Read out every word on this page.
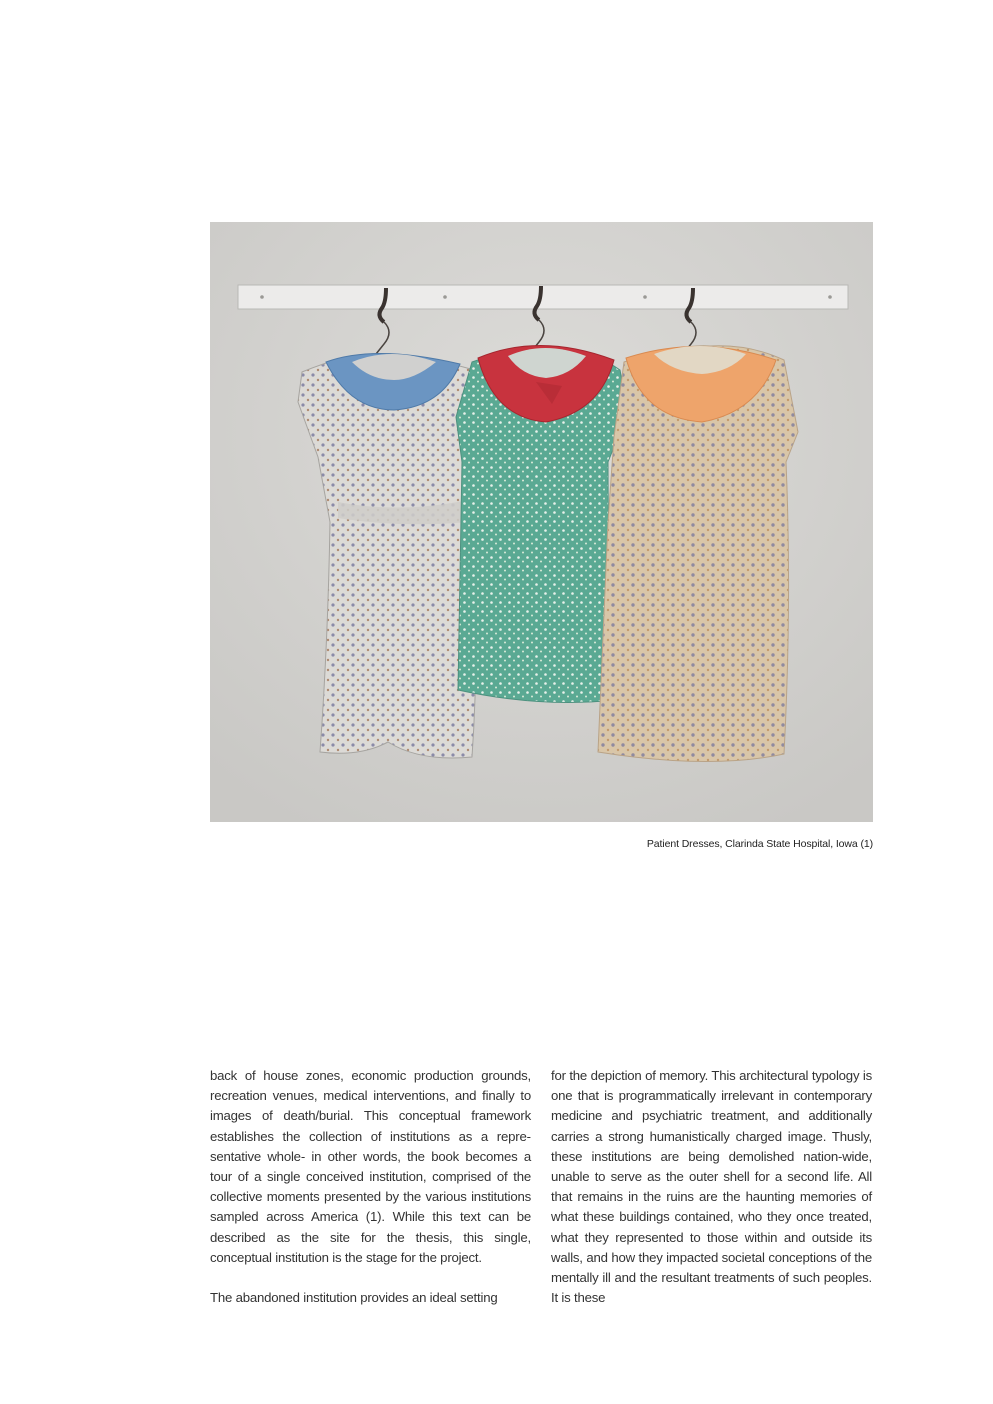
Patient Dresses, Clarinda State Hospital, Iowa (1)

back of house zones, economic production grounds, recreation venues, medical interventions, and finally to images of death/burial. This conceptual framework establishes the collection of institutions as a representative whole- in other words, the book becomes a tour of a single conceived institution, comprised of the collective moments presented by the various institutions sampled across America (1). While this text can be described as the site for the thesis, this single, conceptual institution is the stage for the project.

The abandoned institution provides an ideal setting

for the depiction of memory. This architectural typology is one that is programmatically irrelevant in contemporary medicine and psychiatric treatment, and additionally carries a strong humanistically charged image. Thusly, these institutions are being demolished nation-wide, unable to serve as the outer shell for a second life. All that remains in the ruins are the haunting memories of what these buildings contained, who they once treated, what they represented to those within and outside its walls, and how they impacted societal conceptions of the mentally ill and the resultant treatments of such peoples. It is these
